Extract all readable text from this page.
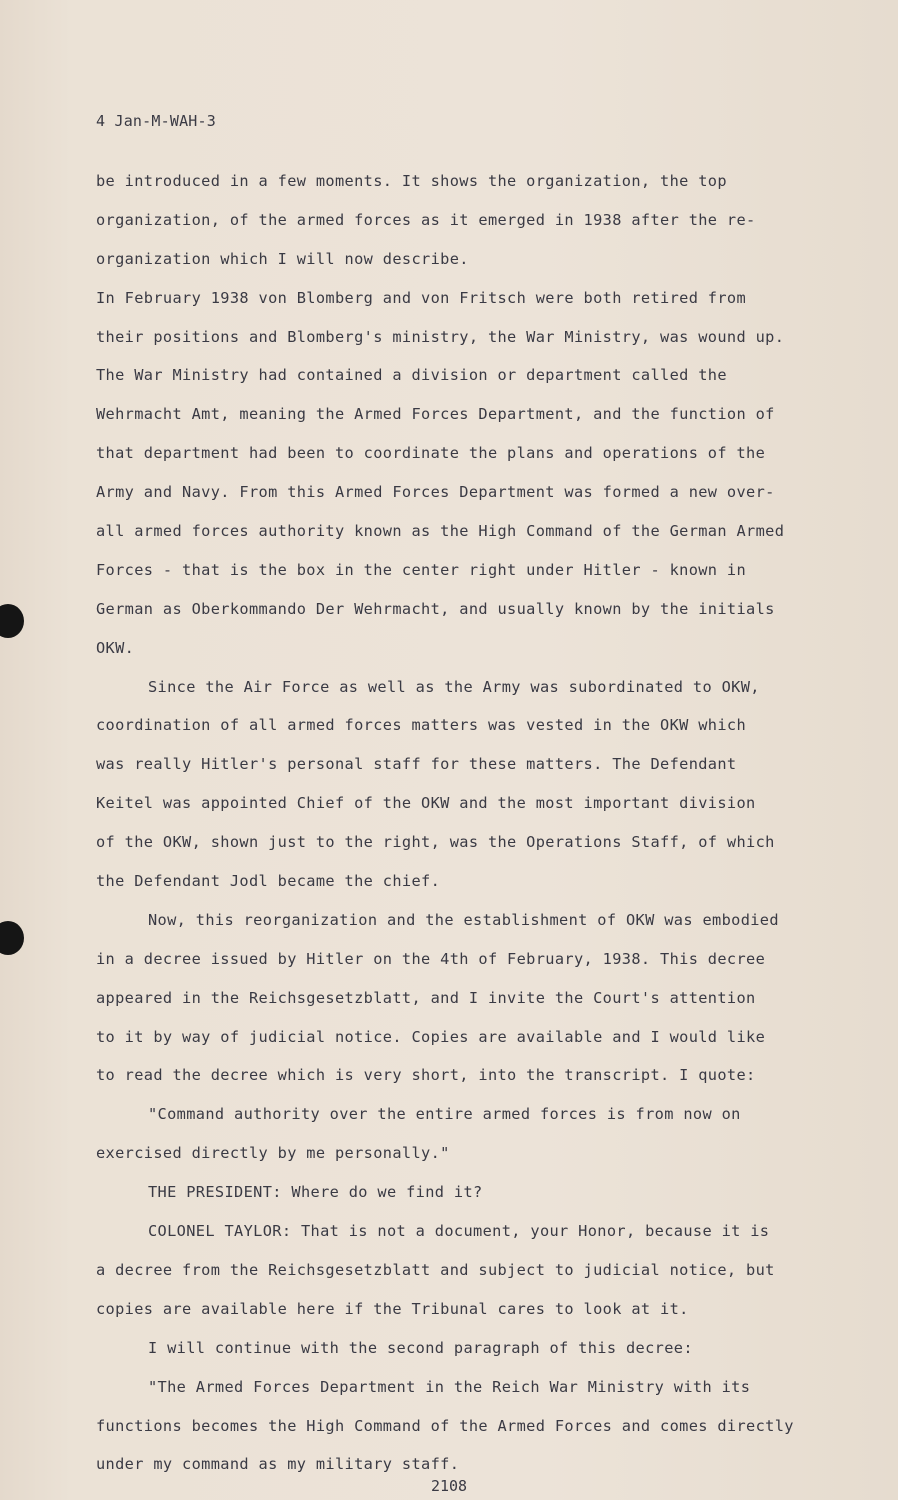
4 Jan-M-WAH-3
be introduced in a few moments. It shows the organization, the top
organization, of the armed forces as it emerged in 1938 after the re-
organization which I will now describe.
In February 1938 von Blomberg and von Fritsch were both retired from
their positions and Blomberg's ministry, the War Ministry, was wound up.
The War Ministry had contained a division or department called the
Wehrmacht Amt, meaning the Armed Forces Department, and the function of
that department had been to coordinate the plans and operations of the
Army and Navy. From this Armed Forces Department was formed a new over-
all armed forces authority known as the High Command of the German Armed
Forces - that is the box in the center right under Hitler - known in
German as Oberkommando Der Wehrmacht, and usually known by the initials
OKW.
Since the Air Force as well as the Army was subordinated to OKW,
coordination of all armed forces matters was vested in the OKW which
was really Hitler's personal staff for these matters. The Defendant
Keitel was appointed Chief of the OKW and the most important division
of the OKW, shown just to the right, was the Operations Staff, of which
the Defendant Jodl became the chief.
Now, this reorganization and the establishment of OKW was embodied
in a decree issued by Hitler on the 4th of February, 1938. This decree
appeared in the Reichsgesetzblatt, and I invite the Court's attention
to it by way of judicial notice. Copies are available and I would like
to read the decree which is very short, into the transcript. I quote:
"Command authority over the entire armed forces is from now on
exercised directly by me personally."
THE PRESIDENT: Where do we find it?
COLONEL TAYLOR: That is not a document, your Honor, because it is
a decree from the Reichsgesetzblatt and subject to judicial notice, but
copies are available here if the Tribunal cares to look at it.
I will continue with the second paragraph of this decree:
"The Armed Forces Department in the Reich War Ministry with its
functions becomes the High Command of the Armed Forces and comes directly
under my command as my military staff.
2108
